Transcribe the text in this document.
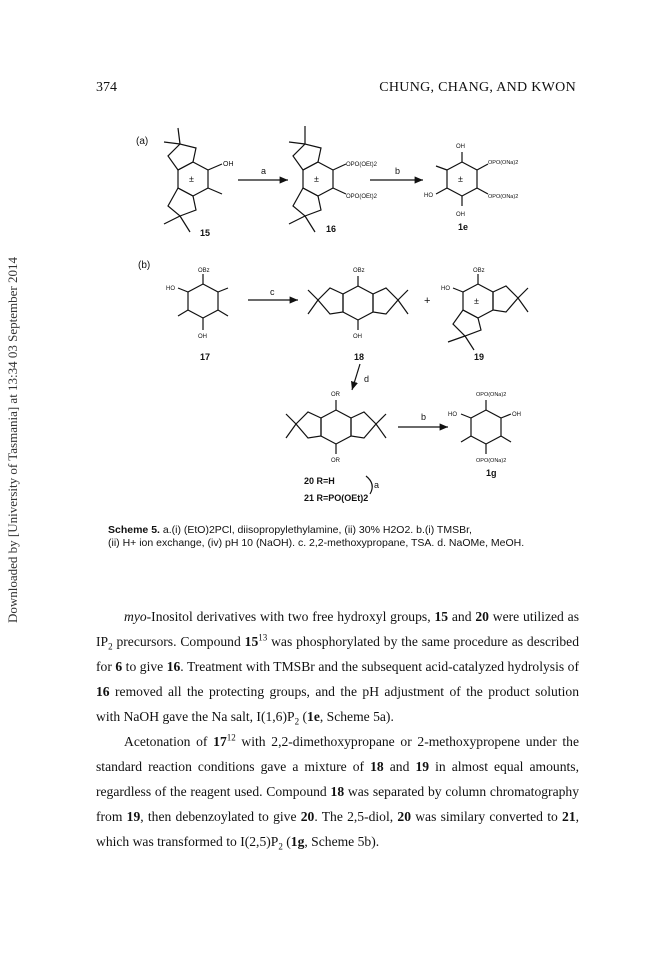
Downloaded by [University of Tasmania] at 13:34 03 September 2014
374	CHUNG, CHANG, AND KWON
(a)
OH
±
15
a
OPO(OEt)2
OPO(OEt)2
±
16
b
OH
OH
HO
OPO(ONa)2
OPO(ONa)2
±
1e
(b)	OBz
OH
HO
17
c
OBz
OH
18
+
OBz
HO
±
19
d
OR
OR
20 R=H
21 R=PO(OEt)2
a
b
OPO(ONa)2
OPO(ONa)2
HO	OH
1g
Scheme 5. a.(i) (EtO)2PCl, diisopropylethylamine, (ii) 30% H2O2. b.(i) TMSBr,
(ii) H+ ion exchange, (iv) pH 10 (NaOH). c. 2,2-methoxypropane, TSA. d. NaOMe, MeOH.

myo-Inositol derivatives with two free hydroxyl groups, 15 and 20 were utilized as $IP_2$ precursors. Compound $15^{13}$ was phosphorylated by the same procedure as described for 6 to give 16. Treatment with TMSBr and the subsequent acid-catalyzed hydrolysis of 16 removed all the protecting groups, and the pH adjustment of the product solution with NaOH gave the Na salt, $I(1,6)P_2$ (1e, Scheme 5a).

Acetonation of $17^{12}$ with 2,2-dimethoxypropane or 2-methoxypropene under the standard reaction conditions gave a mixture of 18 and 19 in almost equal amounts, regardless of the reagent used. Compound 18 was separated by column chromatography from 19, then debenzoylated to give 20. The 2,5-diol, 20 was similary converted to 21, which was transformed to $I(2,5)P_2$ (1g, Scheme 5b).
